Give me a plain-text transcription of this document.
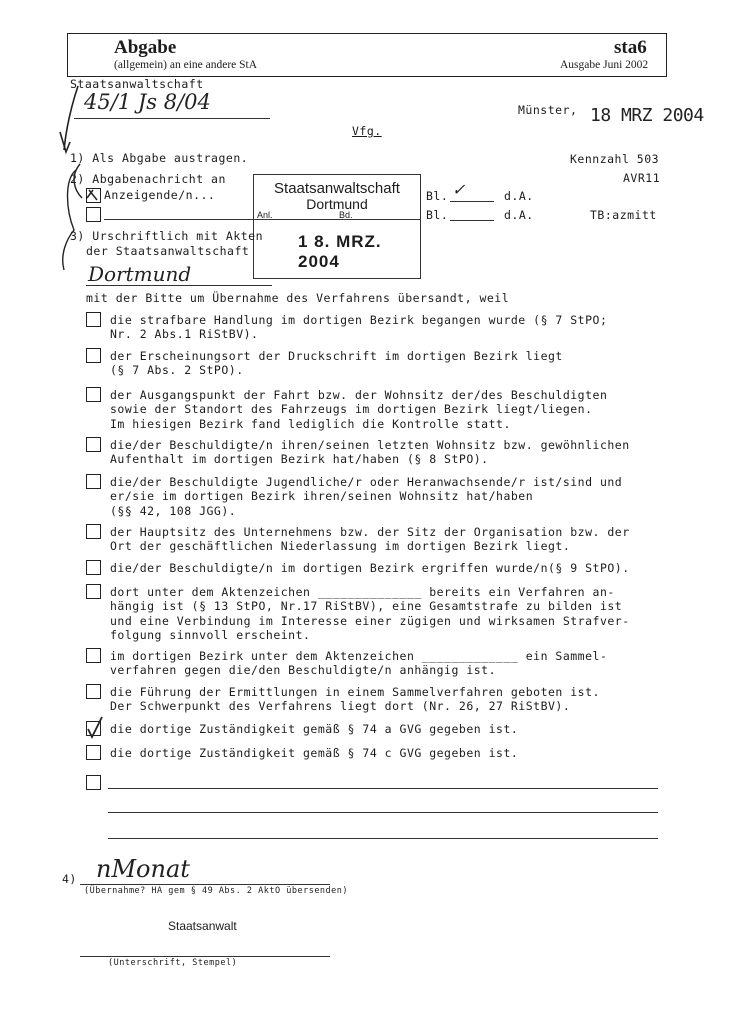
Abgabe
(allgemein) an eine andere StA
sta6
Ausgabe Juni 2002
Staatsanwaltschaft
45/1 Js 8/04	Münster, 18 MRZ 2004
Vfg.
1) Als Abgabe austragen.	Kennzahl 503
AVR11
2) Abgabenachricht an
Anzeigende/n...	Bl. ✓	d.A.
Bl.	d.A.	TB:azmitt
Staatsanwaltschaft
Dortmund
Anl.	Bd.
1 8. MRZ. 2004
3) Urschriftlich mit Akten
der Staatsanwaltschaft
Dortmund
mit der Bitte um Übernahme des Verfahrens übersandt, weil
die strafbare Handlung im dortigen Bezirk begangen wurde (§ 7 StPO;
Nr. 2 Abs.1 RiStBV).
der Erscheinungsort der Druckschrift im dortigen Bezirk liegt
(§ 7 Abs. 2 StPO).
der Ausgangspunkt der Fahrt bzw. der Wohnsitz der/des Beschuldigten
sowie der Standort des Fahrzeugs im dortigen Bezirk liegt/liegen.
Im hiesigen Bezirk fand lediglich die Kontrolle statt.
die/der Beschuldigte/n ihren/seinen letzten Wohnsitz bzw. gewöhnlichen
Aufenthalt im dortigen Bezirk hat/haben (§ 8 StPO).
die/der Beschuldigte Jugendliche/r oder Heranwachsende/r ist/sind und
er/sie im dortigen Bezirk ihren/seinen Wohnsitz hat/haben
(§§ 42, 108 JGG).
der Hauptsitz des Unternehmens bzw. der Sitz der Organisation bzw. der
Ort der geschäftlichen Niederlassung im dortigen Bezirk liegt.
die/der Beschuldigte/n im dortigen Bezirk ergriffen wurde/n(§ 9 StPO).
dort unter dem Aktenzeichen ______________ bereits ein Verfahren an-
hängig ist (§ 13 StPO, Nr.17 RiStBV), eine Gesamtstrafe zu bilden ist
und eine Verbindung im Interesse einer zügigen und wirksamen Strafver-
folgung sinnvoll erscheint.
im dortigen Bezirk unter dem Aktenzeichen _____________ ein Sammel-
verfahren gegen die/den Beschuldigte/n anhängig ist.
die Führung der Ermittlungen in einem Sammelverfahren geboten ist.
Der Schwerpunkt des Verfahrens liegt dort (Nr. 26, 27 RiStBV).
die dortige Zuständigkeit gemäß § 74 a GVG gegeben ist.
die dortige Zuständigkeit gemäß § 74 c GVG gegeben ist.
4) nMonat
(Übernahme? HA gem § 49 Abs. 2 AktO übersenden)
Staatsanwalt
(Unterschrift, Stempel)
